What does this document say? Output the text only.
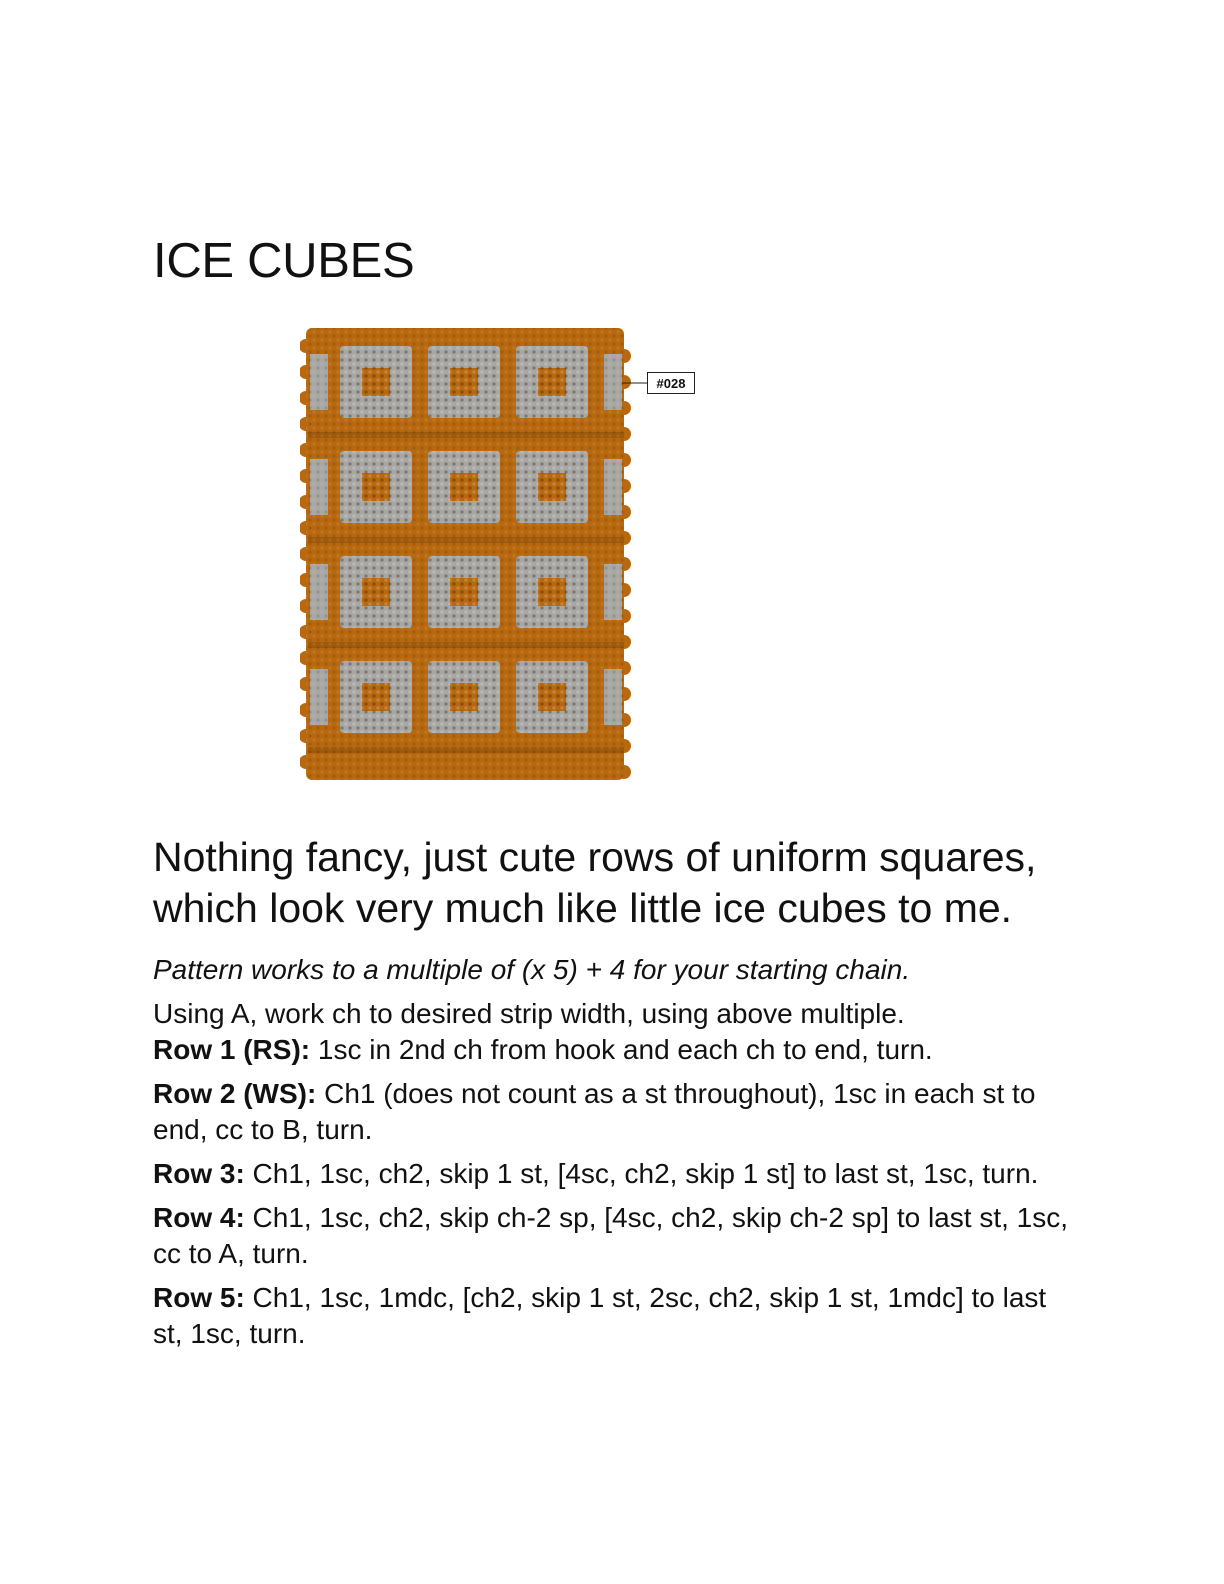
ICE CUBES
#028
Nothing fancy, just cute rows of uniform squares, which look very much like little ice cubes to me.

Pattern works to a multiple of (x 5) + 4 for your starting chain.

Using A, work ch to desired strip width, using above multiple.

Row 1 (RS): 1sc in 2nd ch from hook and each ch to end, turn.

Row 2 (WS): Ch1 (does not count as a st throughout), 1sc in each st to end, cc to B, turn.

Row 3: Ch1, 1sc, ch2, skip 1 st, [4sc, ch2, skip 1 st] to last st, 1sc, turn.

Row 4: Ch1, 1sc, ch2, skip ch-2 sp, [4sc, ch2, skip ch-2 sp] to last st, 1sc, cc to A, turn.

Row 5: Ch1, 1sc, 1mdc, [ch2, skip 1 st, 2sc, ch2, skip 1 st, 1mdc] to last st, 1sc, turn.
